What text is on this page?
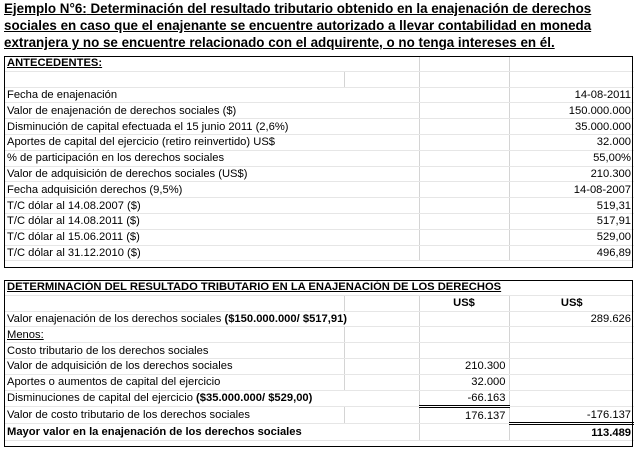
Ejemplo N°6: Determinación del resultado tributario obtenido en la enajenación de derechos sociales en caso que el enajenante se encuentre autorizado a llevar contabilidad en moneda extranjera y no se encuentre relacionado con el adquirente, o no tenga intereses en él.
ANTECEDENTES:			

Fecha de enajenación			14-08-2011
Valor de enajenación de derechos sociales ($)			150.000.000
Disminución de capital efectuada el 15 junio 2011 (2,6%)			35.000.000
Aportes de capital del ejercicio (retiro reinvertido) US$			32.000
% de participación en los derechos sociales			55,00%
Valor de adquisición de derechos sociales (US$)			210.300
Fecha adquisición derechos (9,5%)			14-08-2007
T/C dólar al 14.08.2007 ($)			519,31
T/C dólar al 14.08.2011 ($)			517,91
T/C dólar al 15.06.2011 ($)			529,00
T/C dólar al 31.12.2010 ($)			496,89
DETERMINACIÓN DEL RESULTADO TRIBUTARIO EN LA ENAJENACIÓN DE LOS DERECHOS			
		US$	US$
Valor enajenación de los derechos sociales ($150.000.000/ $517,91)			289.626
Menos:			
Costo tributario de los derechos sociales			
Valor de adquisición de los derechos sociales		210.300	
Aportes o aumentos de capital del ejercicio		32.000	
Disminuciones de capital del ejercicio ($35.000.000/ $529,00)		-66.163	
Valor de costo tributario de los derechos sociales		176.137	-176.137
Mayor valor en la enajenación de los derechos sociales			113.489
